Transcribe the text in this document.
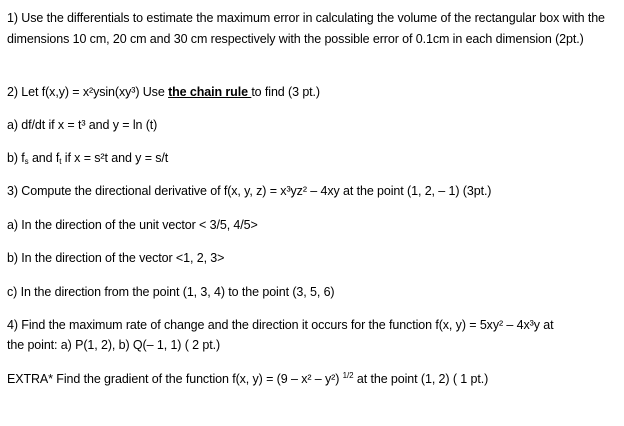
1) Use the differentials to estimate the maximum error in calculating the volume of the rectangular box with the dimensions 10 cm, 20 cm and 30 cm respectively with the possible error of 0.1cm in each dimension (2pt.)
2) Let f(x,y) = x²ysin(xy³) Use the chain rule to find (3 pt.)
a) df/dt if x = t³ and y = ln (t)
b) $f_s$ and $f_t$ if x = s²t and y = s/t
3) Compute the directional derivative of f(x, y, z) = x³yz² – 4xy at the point (1, 2, – 1) (3pt.)
a) In the direction of the unit vector < 3/5, 4/5>
b) In the direction of the vector <1, 2, 3>
c) In the direction from the point (1, 3, 4) to the point (3, 5, 6)
4) Find the maximum rate of change and the direction it occurs for the function f(x, y) = 5xy² – 4x³y at
the point: a) P(1, 2), b) Q(– 1, 1) ( 2 pt.)
EXTRA* Find the gradient of the function f(x, y) = (9 – x² – y²) $^{1/2}$ at the point (1, 2) ( 1 pt.)
